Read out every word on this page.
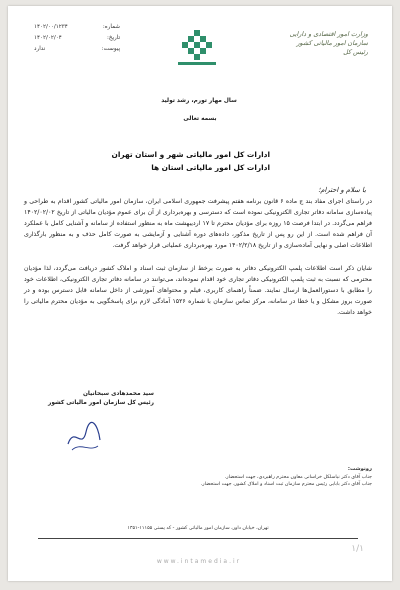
شماره:
۱۴۰۲/۰۰/۱۲۳۴
تاریخ:
۱۴۰۲/۰۲/۰۴
پیوست:
ندارد
وزارت امور اقتصادی و دارایی
سازمان امور مالیاتی کشور
رئیس کل
سال مهار تورم، رشد تولید
بسمه تعالی
ادارات کل امور مالیاتی شهر و استان تهران
ادارات کل امور مالیاتی استان ها
با سلام و احترام؛

در راستای اجرای مفاد بند ج ماده ۶ قانون برنامه هفتم پیشرفت جمهوری اسلامی ایران، سازمان امور مالیاتی کشور اقدام به طراحی و پیاده‌سازی سامانه دفاتر تجاری الکترونیکی نموده است که دسترسی و بهره‌برداری از آن برای عموم مؤدیان مالیاتی از تاریخ ۱۴۰۲/۰۲/۰۲ فراهم می‌گردد. در ابتدا فرصت ۱۵ روزه برای مؤدیان محترم تا ۱۷ اردیبهشت ماه به منظور استفاده از سامانه و آشنایی کامل با عملکرد آن فراهم شده است. از این رو پس از تاریخ مذکور، داده‌های دوره آشنایی و آزمایشی به صورت کامل حذف و به منظور بارگذاری اطلاعات اصلی و نهایی آماده‌سازی و از تاریخ ۱۴۰۲/۲/۱۸ مورد بهره‌برداری عملیاتی قرار خواهد گرفت.

شایان ذکر است اطلاعات پلمپ الکترونیکی دفاتر به صورت برخط از سازمان ثبت اسناد و املاک کشور دریافت می‌گردد، لذا مؤدیان محترمی که نسبت به ثبت پلمپ الکترونیکی دفاتر تجاری خود اقدام نموده‌اند، می‌توانند در سامانه دفاتر تجاری الکترونیکی، اطلاعات خود را مطابق با دستورالعمل‌ها ارسال نمایند. ضمناً راهنمای کاربری، فیلم و محتواهای آموزشی از داخل سامانه قابل دسترس بوده و در صورت بروز مشکل و یا خطا در سامانه، مرکز تماس سازمان با شماره ۱۵۲۶ آمادگی لازم برای پاسخگویی به مؤدیان محترم مالیاتی را خواهد داشت.

سید محمدهادی سبحانیان
رئیس کل سازمان امور مالیاتی کشور
رونوشت:
جناب آقای دکتر نیاسلکل خراسانی معاون محترم راهبردی، جهت استحضار.
جناب آقای دکتر بابایی رئیس محترم سازمان ثبت اسناد و املاک کشور، جهت استحضار.
تهران، خیابان داور، سازمان امور مالیاتی کشور - کد پستی ۱۱۱۵۵-۱۳۵۱
۱/۱
www.intamedia.ir
